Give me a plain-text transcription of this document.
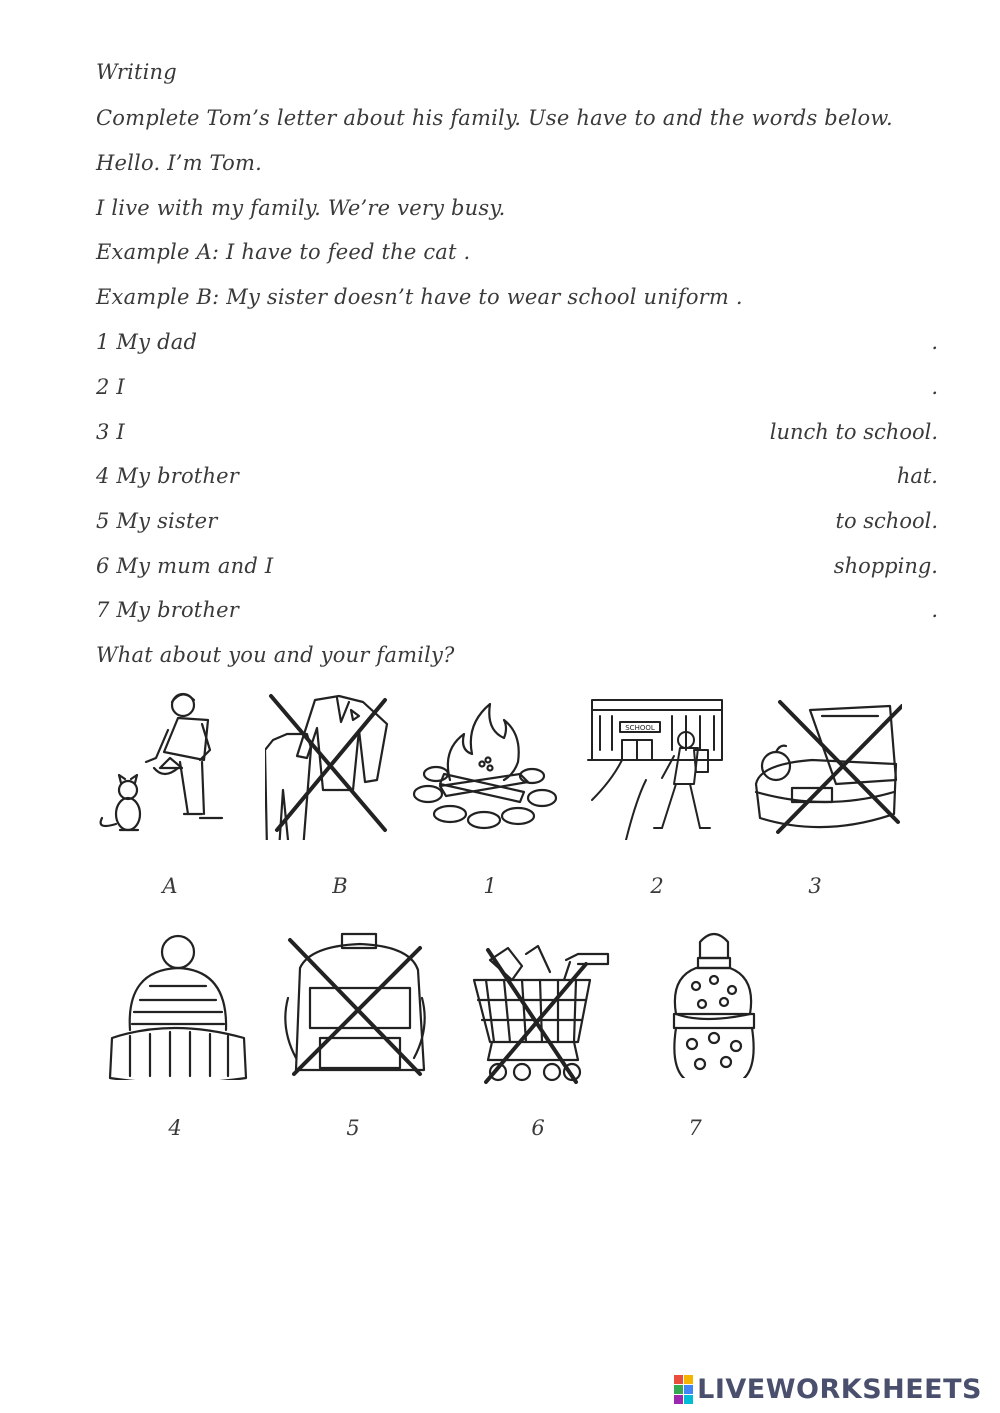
Writing
Complete Tom’s letter about his family. Use have to and the words below.
Hello. I’m Tom.
I live with my family. We’re very busy.
Example A: I have to feed the cat .
Example B: My sister doesn’t have to wear school uniform .
1 My dad	.
2 I	.
3 I	lunch to school.
4 My brother	hat.
5 My sister	to school.
6 My mum and I	shopping.
7 My brother	.
What about you and your family?
SCHOOL
A	B	1	2	3
4	5	6	7
LIVEWORKSHEETS
